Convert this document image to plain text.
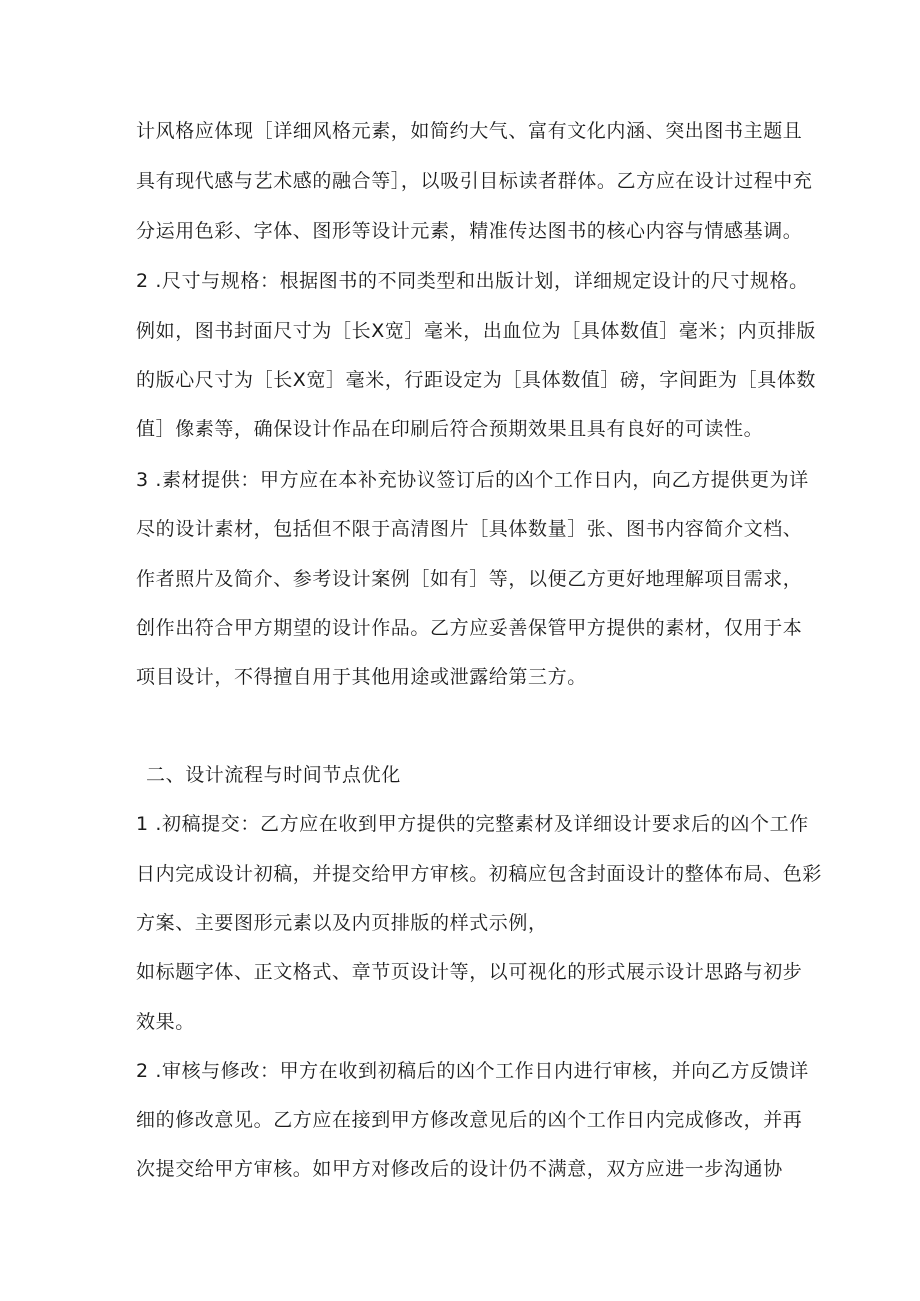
计风格应体现［详细风格元素，如简约大气、富有文化内涵、突出图书主题且
具有现代感与艺术感的融合等］，以吸引目标读者群体。乙方应在设计过程中充
分运用色彩、字体、图形等设计元素，精准传达图书的核心内容与情感基调。
2 .尺寸与规格：根据图书的不同类型和出版计划，详细规定设计的尺寸规格。
例如，图书封面尺寸为［长X宽］毫米，出血位为［具体数值］毫米；内页排版
的版心尺寸为［长X宽］毫米，行距设定为［具体数值］磅，字间距为［具体数
值］像素等，确保设计作品在印刷后符合预期效果且具有良好的可读性。
3 .素材提供：甲方应在本补充协议签订后的凶个工作日内，向乙方提供更为详
尽的设计素材，包括但不限于高清图片［具体数量］张、图书内容简介文档、
作者照片及简介、参考设计案例［如有］等，以便乙方更好地理解项目需求，
创作出符合甲方期望的设计作品。乙方应妥善保管甲方提供的素材，仅用于本
项目设计，不得擅自用于其他用途或泄露给第三方。
二、设计流程与时间节点优化
1 .初稿提交：乙方应在收到甲方提供的完整素材及详细设计要求后的凶个工作
日内完成设计初稿，并提交给甲方审核。初稿应包含封面设计的整体布局、色彩
方案、主要图形元素以及内页排版的样式示例，
如标题字体、正文格式、章节页设计等，以可视化的形式展示设计思路与初步
效果。
2 .审核与修改：甲方在收到初稿后的凶个工作日内进行审核，并向乙方反馈详
细的修改意见。乙方应在接到甲方修改意见后的凶个工作日内完成修改，并再
次提交给甲方审核。如甲方对修改后的设计仍不满意，双方应进一步沟通协
